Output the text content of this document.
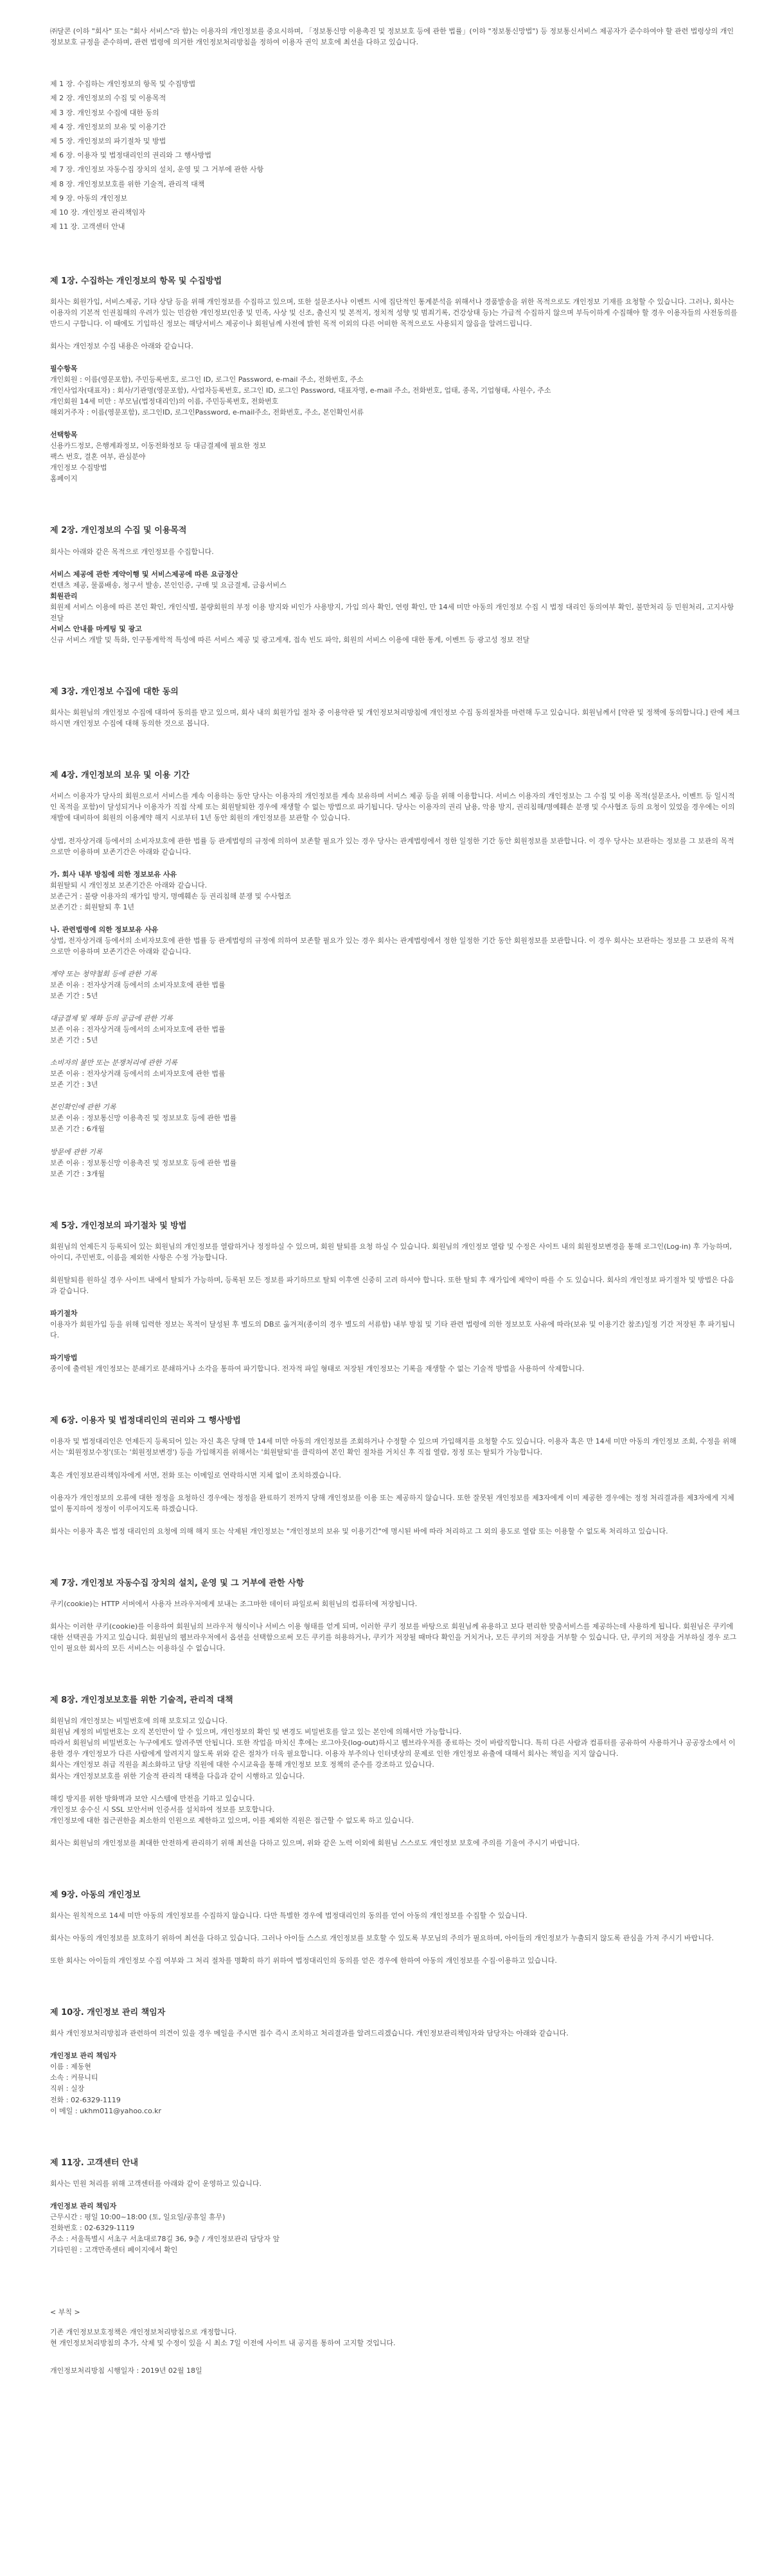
㈜달콘 (이하 "회사" 또는 "회사 서비스"라 함)는 이용자의 개인정보를 중요시하며, 「정보통신망 이용촉진 및 정보보호 등에 관한 법률」(이하 "정보통신망법") 등 정보통신서비스 제공자가 준수하여야 할 관련 법령상의 개인정보보호 규정을 준수하며, 관련 법령에 의거한 개인정보처리방침을 정하여 이용자 권익 보호에 최선을 다하고 있습니다.

제 1 장. 수집하는 개인정보의 항목 및 수집방법
제 2 장. 개인정보의 수집 및 이용목적
제 3 장. 개인정보 수집에 대한 동의
제 4 장. 개인정보의 보유 및 이용기간
제 5 장. 개인정보의 파기절차 및 방법
제 6 장. 이용자 및 법정대리인의 권리와 그 행사방법
제 7 장. 개인정보 자동수집 장치의 설치, 운영 및 그 거부에 관한 사항
제 8 장. 개인정보보호를 위한 기술적, 관리적 대책
제 9 장. 아동의 개인정보
제 10 장. 개인정보 관리책임자
제 11 장. 고객센터 안내
제 1장. 수집하는 개인정보의 항목 및 수집방법

회사는 회원가입, 서비스제공, 기타 상담 등을 위해 개인정보를 수집하고 있으며, 또한 설문조사나 이벤트 시에 집단적인 통계분석을 위해서나 경품발송을 위한 목적으로도 개인정보 기재를 요청할 수 있습니다. 그러나, 회사는 이용자의 기본적 인권침해의 우려가 있는 민감한 개인정보(인종 및 민족, 사상 및 신조, 출신지 및 본적지, 정치적 성향 및 범죄기록, 건강상태 등)는 가급적 수집하지 않으며 부득이하게 수집해야 할 경우 이용자들의 사전동의를 반드시 구합니다. 이 때에도 기입하신 정보는 해당서비스 제공이나 회원님께 사전에 밝힌 목적 이외의 다른 어떠한 목적으로도 사용되지 않음을 알려드립니다.

회사는 개인정보 수집 내용은 아래와 같습니다.

필수항목

개인회원 : 이름(영문포함), 주민등록번호, 로그인 ID, 로그인 Password, e-mail 주소, 전화번호, 주소

개인사업자(대표자) : 회사/기관명(영문포함), 사업자등록번호, 로그인 ID, 로그인 Password, 대표자명, e-mail 주소, 전화번호, 업태, 종목, 기업형태, 사원수, 주소

개인회원 14세 미만 : 부모님(법정대리인)의 이름, 주민등록번호, 전화번호

해외거주자 : 이름(영문포함), 로그인ID, 로그인Password, e-mail주소, 전화번호, 주소, 본인확인서류

선택항목

신용카드정보, 은행계좌정보, 이동전화정보 등 대금결제에 필요한 정보

팩스 번호, 결혼 여부, 관심분야

개인정보 수집방법

홈페이지

제 2장. 개인정보의 수집 및 이용목적

회사는 아래와 같은 목적으로 개인정보를 수집합니다.

서비스 제공에 관한 계약이행 및 서비스제공에 따른 요금정산

컨텐츠 제공, 물품배송, 청구서 발송, 본인인증, 구매 및 요금결제, 금융서비스

회원관리

회원제 서비스 이용에 따른 본인 확인, 개인식별, 불량회원의 부정 이용 방지와 비인가 사용방지, 가입 의사 확인, 연령 확인, 만 14세 미만 아동의 개인정보 수집 시 법정 대리인 동의여부 확인, 불만처리 등 민원처리, 고지사항 전달

서비스 안내를 마케팅 및 광고

신규 서비스 개발 및 특화, 인구통계학적 특성에 따른 서비스 제공 및 광고게재, 접속 빈도 파악, 회원의 서비스 이용에 대한 통계, 이벤트 등 광고성 정보 전달

제 3장. 개인정보 수집에 대한 동의

회사는 회원님의 개인정보 수집에 대하여 동의를 받고 있으며, 회사 내의 회원가입 절차 중 이용약관 및 개인정보처리방침에 개인정보 수집 동의절차를 마련해 두고 있습니다. 회원님께서 [약관 및 정책에 동의합니다.] 란에 체크하시면 개인정보 수집에 대해 동의한 것으로 봅니다.

제 4장. 개인정보의 보유 및 이용 기간

서비스 이용자가 당사의 회원으로서 서비스를 계속 이용하는 동안 당사는 이용자의 개인정보를 계속 보유하며 서비스 제공 등을 위해 이용합니다. 서비스 이용자의 개인정보는 그 수집 및 이용 목적(설문조사, 이벤트 등 일시적인 목적을 포함)이 달성되거나 이용자가 직접 삭제 또는 회원탈퇴한 경우에 재생할 수 없는 방법으로 파기됩니다. 당사는 이용자의 권리 남용, 악용 방지, 권리침해/명예훼손 분쟁 및 수사협조 등의 요청이 있었을 경우에는 이의 재발에 대비하여 회원의 이용계약 해지 시로부터 1년 동안 회원의 개인정보를 보관할 수 있습니다.

상법, 전자상거래 등에서의 소비자보호에 관한 법률 등 관계법령의 규정에 의하여 보존할 필요가 있는 경우 당사는 관계법령에서 정한 일정한 기간 동안 회원정보를 보관합니다. 이 경우 당사는 보관하는 정보를 그 보관의 목적으로만 이용하며 보존기간은 아래와 같습니다.

가. 회사 내부 방침에 의한 정보보유 사유

회원탈퇴 시 개인정보 보존기간은 아래와 같습니다.

보존근거 : 불량 이용자의 재가입 방지, 명예훼손 등 권리침해 분쟁 및 수사협조

보존기간 : 회원탈퇴 후 1년

나. 관련법령에 의한 정보보유 사유

상법, 전자상거래 등에서의 소비자보호에 관한 법률 등 관계법령의 규정에 의하여 보존할 필요가 있는 경우 회사는 관계법령에서 정한 일정한 기간 동안 회원정보를 보관합니다. 이 경우 회사는 보관하는 정보를 그 보관의 목적으로만 이용하며 보존기간은 아래와 같습니다.

계약 또는 청약철회 등에 관한 기록

보존 이유 : 전자상거래 등에서의 소비자보호에 관한 법률

보존 기간 : 5년

대금결제 및 재화 등의 공급에 관한 기록

보존 이유 : 전자상거래 등에서의 소비자보호에 관한 법률

보존 기간 : 5년

소비자의 불만 또는 분쟁처리에 관한 기록

보존 이유 : 전자상거래 등에서의 소비자보호에 관한 법률

보존 기간 : 3년

본인확인에 관한 기록

보존 이유 : 정보통신망 이용촉진 및 정보보호 등에 관한 법률

보존 기간 : 6개월

방문에 관한 기록

보존 이유 : 정보통신망 이용촉진 및 정보보호 등에 관한 법률

보존 기간 : 3개월

제 5장. 개인정보의 파기절차 및 방법

회원님의 언제든지 등록되어 있는 회원님의 개인정보를 열람하거나 정정하실 수 있으며, 회원 탈퇴를 요청 하실 수 있습니다. 회원님의 개인정보 열람 및 수정은 사이트 내의 회원정보변경을 통해 로그인(Log-in) 후 가능하며, 아이디, 주민번호, 이름을 제외한 사항은 수정 가능합니다.

회원탈퇴를 원하실 경우 사이트 내에서 탈퇴가 가능하며, 등록된 모든 정보를 파기하므로 탈퇴 이후엔 신중히 고려 하셔야 합니다. 또한 탈퇴 후 재가입에 제약이 따를 수 도 있습니다. 회사의 개인정보 파기절차 및 방법은 다음과 같습니다.

파기절차

이용자가 회원가입 등을 위해 입력한 정보는 목적이 달성된 후 별도의 DB로 옮겨져(종이의 경우 별도의 서류함) 내부 방침 및 기타 관련 법령에 의한 정보보호 사유에 따라(보유 및 이용기간 참조)일정 기간 저장된 후 파기됩니다.

파기방법

종이에 출력된 개인정보는 분쇄기로 분쇄하거나 소각을 통하여 파기합니다. 전자적 파일 형태로 저장된 개인정보는 기록을 재생할 수 없는 기술적 방법을 사용하여 삭제합니다.

제 6장. 이용자 및 법정대리인의 권리와 그 행사방법

이용자 및 법정대리인은 언제든지 등록되어 있는 자신 혹은 당해 만 14세 미만 아동의 개인정보를 조회하거나 수정할 수 있으며 가입해지를 요청할 수도 있습니다. 이용자 혹은 만 14세 미만 아동의 개인정보 조회, 수정을 위해서는 '회원정보수정'(또는 '회원정보변경') 등을 가입해지를 위해서는 '회원탈퇴'를 클릭하여 본인 확인 절차를 거치신 후 직접 열람, 정정 또는 탈퇴가 가능합니다.

혹은 개인정보관리책임자에게 서면, 전화 또는 이메일로 연락하시면 지체 없이 조치하겠습니다.

이용자가 개인정보의 오류에 대한 정정을 요청하신 경우에는 정정을 완료하기 전까지 당해 개인정보를 이용 또는 제공하지 않습니다. 또한 잘못된 개인정보를 제3자에게 이미 제공한 경우에는 정정 처리결과를 제3자에게 지체 없이 통지하여 정정이 이루어지도록 하겠습니다.

회사는 이용자 혹은 법정 대리인의 요청에 의해 해지 또는 삭제된 개인정보는 "개인정보의 보유 및 이용기간"에 명시된 바에 따라 처리하고 그 외의 용도로 열람 또는 이용할 수 없도록 처리하고 있습니다.

제 7장. 개인정보 자동수집 장치의 설치, 운영 및 그 거부에 관한 사항

쿠키(cookie)는 HTTP 서버에서 사용자 브라우저에게 보내는 조그마한 데이터 파일로써 회원님의 컴퓨터에 저장됩니다.

회사는 이러한 쿠키(cookie)를 이용하여 회원님의 브라우저 형식이나 서비스 이용 형태를 얻게 되며, 이러한 쿠키 정보를 바탕으로 회원님께 유용하고 보다 편리한 맞춤서비스를 제공하는데 사용하게 됩니다. 회원님은 쿠키에 대한 선택권을 가지고 있습니다. 회원님의 웹브라우저에서 옵션을 선택함으로써 모든 쿠키를 허용하거나, 쿠키가 저장될 때마다 확인을 거치거나, 모든 쿠키의 저장을 거부할 수 있습니다. 단, 쿠키의 저장을 거부하실 경우 로그인이 필요한 회사의 모든 서비스는 이용하실 수 없습니다.

제 8장. 개인정보보호를 위한 기술적, 관리적 대책

회원님의 개인정보는 비밀번호에 의해 보호되고 있습니다.

회원님 계정의 비밀번호는 오직 본인만이 알 수 있으며, 개인정보의 확인 및 변경도 비밀번호를 알고 있는 본인에 의해서만 가능합니다.

따라서 회원님의 비밀번호는 누구에게도 알려주면 안됩니다. 또한 작업을 마치신 후에는 로그아웃(log-out)하시고 웹브라우저를 종료하는 것이 바람직합니다. 특히 다른 사람과 컴퓨터를 공유하여 사용하거나 공공장소에서 이용한 경우 개인정보가 다른 사람에게 알려지지 않도록 위와 같은 절차가 더욱 필요합니다. 이용자 부주의나 인터넷상의 문제로 인한 개인정보 유출에 대해서 회사는 책임을 지지 않습니다.

회사는 개인정보 취급 직원을 최소화하고 담당 직원에 대한 수시교육을 통해 개인정보 보호 정책의 준수를 강조하고 있습니다.

회사는 개인정보보호를 위한 기술적 관리적 대책을 다음과 같이 시행하고 있습니다.

해킹 방지를 위한 방화벽과 보안 시스템에 만전을 기하고 있습니다.

개인정보 송수신 시 SSL 보안서버 인증서를 설치하여 정보를 보호합니다.

개인정보에 대한 접근권한을 최소한의 인원으로 제한하고 있으며, 이를 제외한 직원은 접근할 수 없도록 하고 있습니다.

회사는 회원님의 개인정보를 최대한 안전하게 관리하기 위해 최선을 다하고 있으며, 위와 같은 노력 이외에 회원님 스스로도 개인정보 보호에 주의를 기울여 주시기 바랍니다.

제 9장. 아동의 개인정보

회사는 원칙적으로 14세 미만 아동의 개인정보를 수집하지 않습니다. 다만 특별한 경우에 법정대리인의 동의를 얻어 아동의 개인정보를 수집할 수 있습니다.

회사는 아동의 개인정보를 보호하기 위하여 최선을 다하고 있습니다. 그러나 아이들 스스로 개인정보를 보호할 수 있도록 부모님의 주의가 필요하며, 아이들의 개인정보가 누출되지 않도록 관심을 가져 주시기 바랍니다.

또한 회사는 아이들의 개인정보 수집 여부와 그 처리 절차를 명확히 하기 위하여 법정대리인의 동의를 얻은 경우에 한하여 아동의 개인정보를 수집·이용하고 있습니다.

제 10장. 개인정보 관리 책임자

회사 개인정보처리방침과 관련하여 의견이 있을 경우 메일을 주시면 접수 즉시 조치하고 처리결과를 알려드리겠습니다. 개인정보관리책임자와 담당자는 아래와 같습니다.

개인정보 관리 책임자

이름 : 제동현

소속 : 커뮤니티

직위 : 실장

전화 : 02-6329-1119

이 메일 : ukhm011@yahoo.co.kr

제 11장. 고객센터 안내

회사는 민원 처리를 위해 고객센터를 아래와 같이 운영하고 있습니다.

개인정보 관리 책임자

근무시간 : 평일 10:00~18:00 (토, 일요일/공휴일 휴무)

전화번호 : 02-6329-1119

주소 : 서울특별시 서초구 서초대로78길 36, 9층 / 개인정보관리 담당자 앞

기타민원 : 고객만족센터 페이지에서 확인

< 부칙 >

기존 개인정보보호정책은 개인정보처리방침으로 개정합니다.

현 개인정보처리방침의 추가, 삭제 및 수정이 있을 시 최소 7일 이전에 사이트 내 공지를 통하여 고지할 것입니다.

개인정보처리방침 시행일자 : 2019년 02월 18일
